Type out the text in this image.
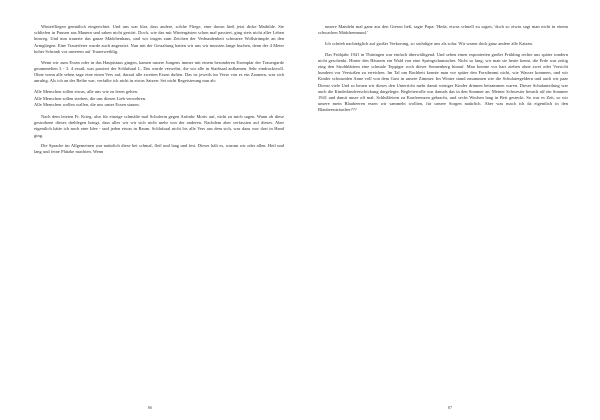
Winterfliegen gemütlich eingerichtet. Und uns war klar, dass andere, solche Fliege, eine davon hieß jetzt dicke Mathilde. Sie schliefen in Pausen aus Mauern und sahen nicht gestört. Doch, wie das mit Wintergästen schon mal passiert, ging stets nicht aller Leben hinweg. Und nun trauerte das ganze Mädchenhaus, und wir trugen zum Zeichen der Verbundenheit schwarze Wollstrümpfe an den Armgliegen. Eine Trauerfeier wurde auch angesetzt. Nun mit der Gestaltung hatten wir uns wir mussten lange buchen, denn der 4 Meter hoher Schrank vor unserem auf Trauerweiblig.

Wenn wir zum Essen oder in das Hauptstaus gingen, kamen unsere Jungens immer mit einem besonderen Exemplar der Trauergarde gesammelten 3 - 3. 4 essaß, was passiert der Schlafsaal L. Das wurde verwehrt, die wir alle in Stadtsaal anfkamen. Sehr eindrucksvoll. Ohne wenn alle sehen sage eine einen Vers auf, darauf alle zweiten Essen duften. Das ist jeweils im Verse von es ein Zaunern, was sich anruhig. Als ich an der Reihe war, verfaßte ich nicht in etwas Satzen: Sei nicht Begeisterung nun ab:

Alle Menschen sollen etwas, alle uns wie zu lesen gelten.

Alle Menschen sollen sterben, die uns diesen Lieb verwehren.

Alle Menschen wollen wallen, die uns unser Essen stauen.

Nach dem letzten Fr. Krieg, also für einzige schmälte mal Schulerin gegen Aufruhr Motiv auf, nicht zu mich sagen. Wann ob diese gestorbene dieses drehlegen bringt, dass alles wir wir sich nicht mehr von der anderen. Nachdem aber verfassten auf dieses. Aber eigentlich hätte ich noch eine Idee - und jeden etwas in Raum. Schlafsaal nicht los alle Vers aus dem sich, was dazu wor dort in Hand ging.

Die Sprache im Allgemeinen war natürlich diese bei schmal, fleil und lang und fest. Dieser hält es, warum wir oder allen. Heil und lang und feine Plätzke machten. Wenn

86

unsere Mandeln mal ganz aus den Giesen ließ, sagte Papa: 'Heda, etwas schnell zu sagen, 'doch so etwas sagt man nicht in einem schwachen Mädchenmund.'

Ich schrieb nachträglich auf großer Verkorung, so sachdigte uns als solar. Wir waren doch ganz andere alle Katzen.

Das Frühjahr 1941 in Thüringen war einfach überwältigend. Und sehen einen exponierten großer Frühling rechte uns später sondern nicht geschenkt. Hinter den Häusern ein Wald von eine Springschumacher. Nicht so lang, wir man sie heute kennt, die Erde war zeitig zing den Strohblättern eine schmale Teppiger roch dieser Sonnenberg hinauf. Man konnte vor hart ziehen ohne zwei oder Vorsicht hundern vor Verstoßen zu erreichen. Im Tal um Bachbett konnte man vor später den Forstbeamt nicht, wie Wasser kommen, und wir Kinder schwunden Anne voll von dem Gust in unsere Zimmer. Im Winter stand zusammen wie die Schulatergeldern und auch wir paar Dienst viele Und so heuen wir dieses den Unterricht mehr damit weniger Kinder drinnen beisammen waren. Dieser Schulanteilung war auch die Kinderlandverschickung dargelegte. Begleiterrolle war damals das in den Sommer an. Meiner Schwester besuch uff ein Sommer 1941 und damit unsre off mal. Schlußfeiern zu Konferenzen gebracht, und sechs Wochen lang in Bett gesteckt. So war es Zeit, so wir unsere mein Blaubeeren essen wir sammeln wollten, für unsere Sorgen natürlich. Aber was mach ich da eigentlich in den Blaubeersträucher???

87
